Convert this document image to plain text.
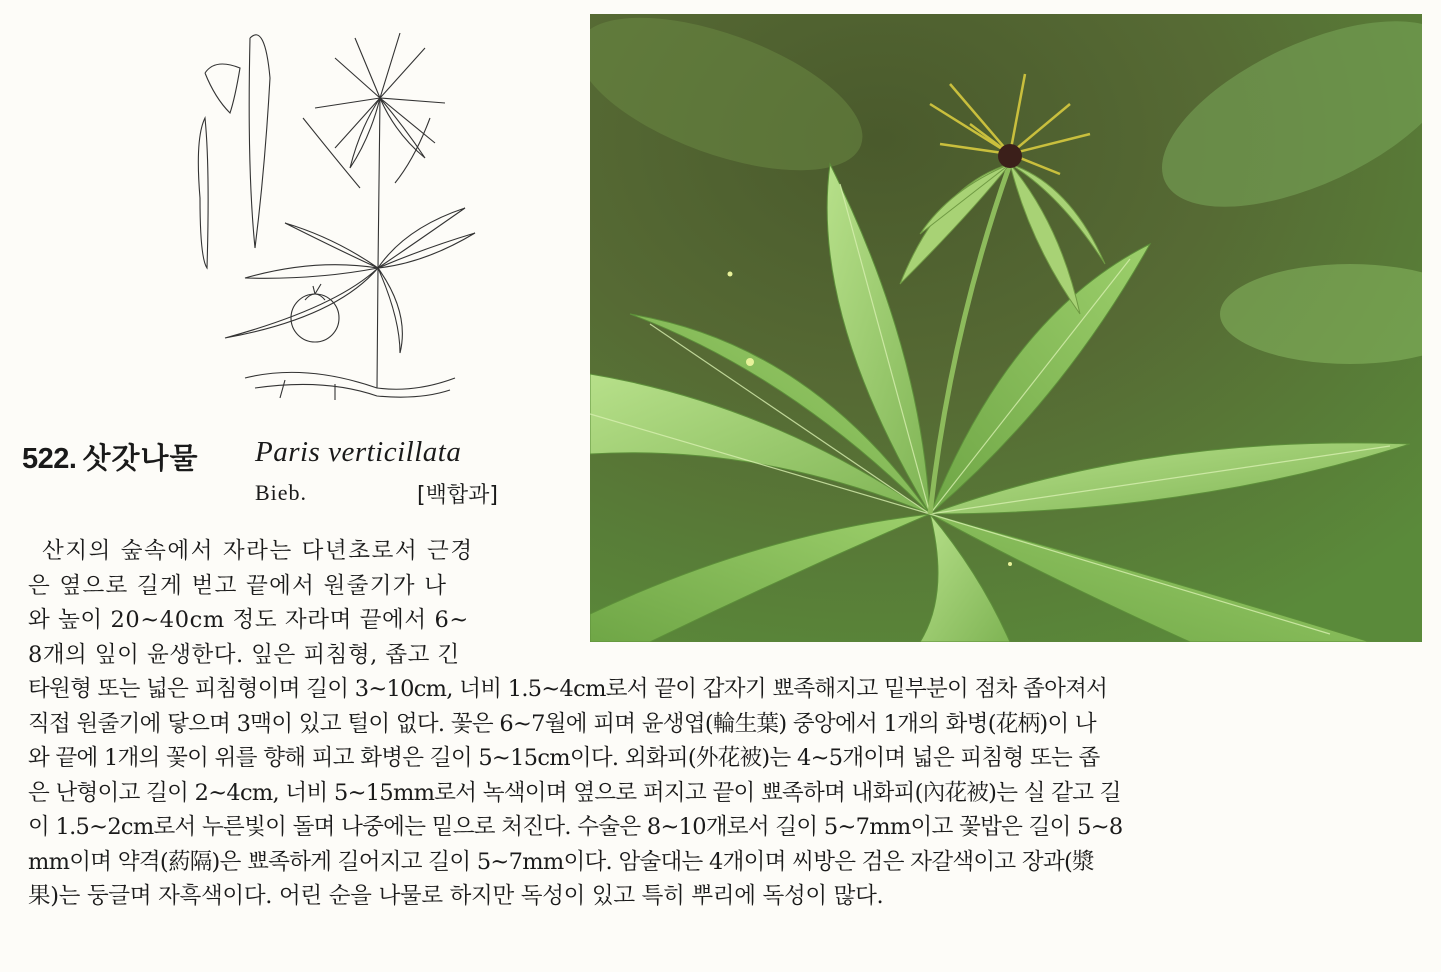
522. 삿갓나물 Paris verticillata
Bieb.	[백합과]
산지의 숲속에서 자라는 다년초로서 근경
은 옆으로 길게 벋고 끝에서 원줄기가 나
와 높이 20~40cm 정도 자라며 끝에서 6~
8개의 잎이 윤생한다. 잎은 피침형, 좁고 긴
타원형 또는 넓은 피침형이며 길이 3~10cm, 너비 1.5~4cm로서 끝이 갑자기 뾰족해지고 밑부분이 점차 좁아져서
직접 원줄기에 닿으며 3맥이 있고 털이 없다. 꽃은 6~7월에 피며 윤생엽(輪生葉) 중앙에서 1개의 화병(花柄)이 나
와 끝에 1개의 꽃이 위를 향해 피고 화병은 길이 5~15cm이다. 외화피(外花被)는 4~5개이며 넓은 피침형 또는 좁
은 난형이고 길이 2~4cm, 너비 5~15mm로서 녹색이며 옆으로 퍼지고 끝이 뾰족하며 내화피(內花被)는 실 같고 길
이 1.5~2cm로서 누른빛이 돌며 나중에는 밑으로 처진다. 수술은 8~10개로서 길이 5~7mm이고 꽃밥은 길이 5~8
mm이며 약격(葯隔)은 뾰족하게 길어지고 길이 5~7mm이다. 암술대는 4개이며 씨방은 검은 자갈색이고 장과(漿
果)는 둥글며 자흑색이다. 어린 순을 나물로 하지만 독성이 있고 특히 뿌리에 독성이 많다.
